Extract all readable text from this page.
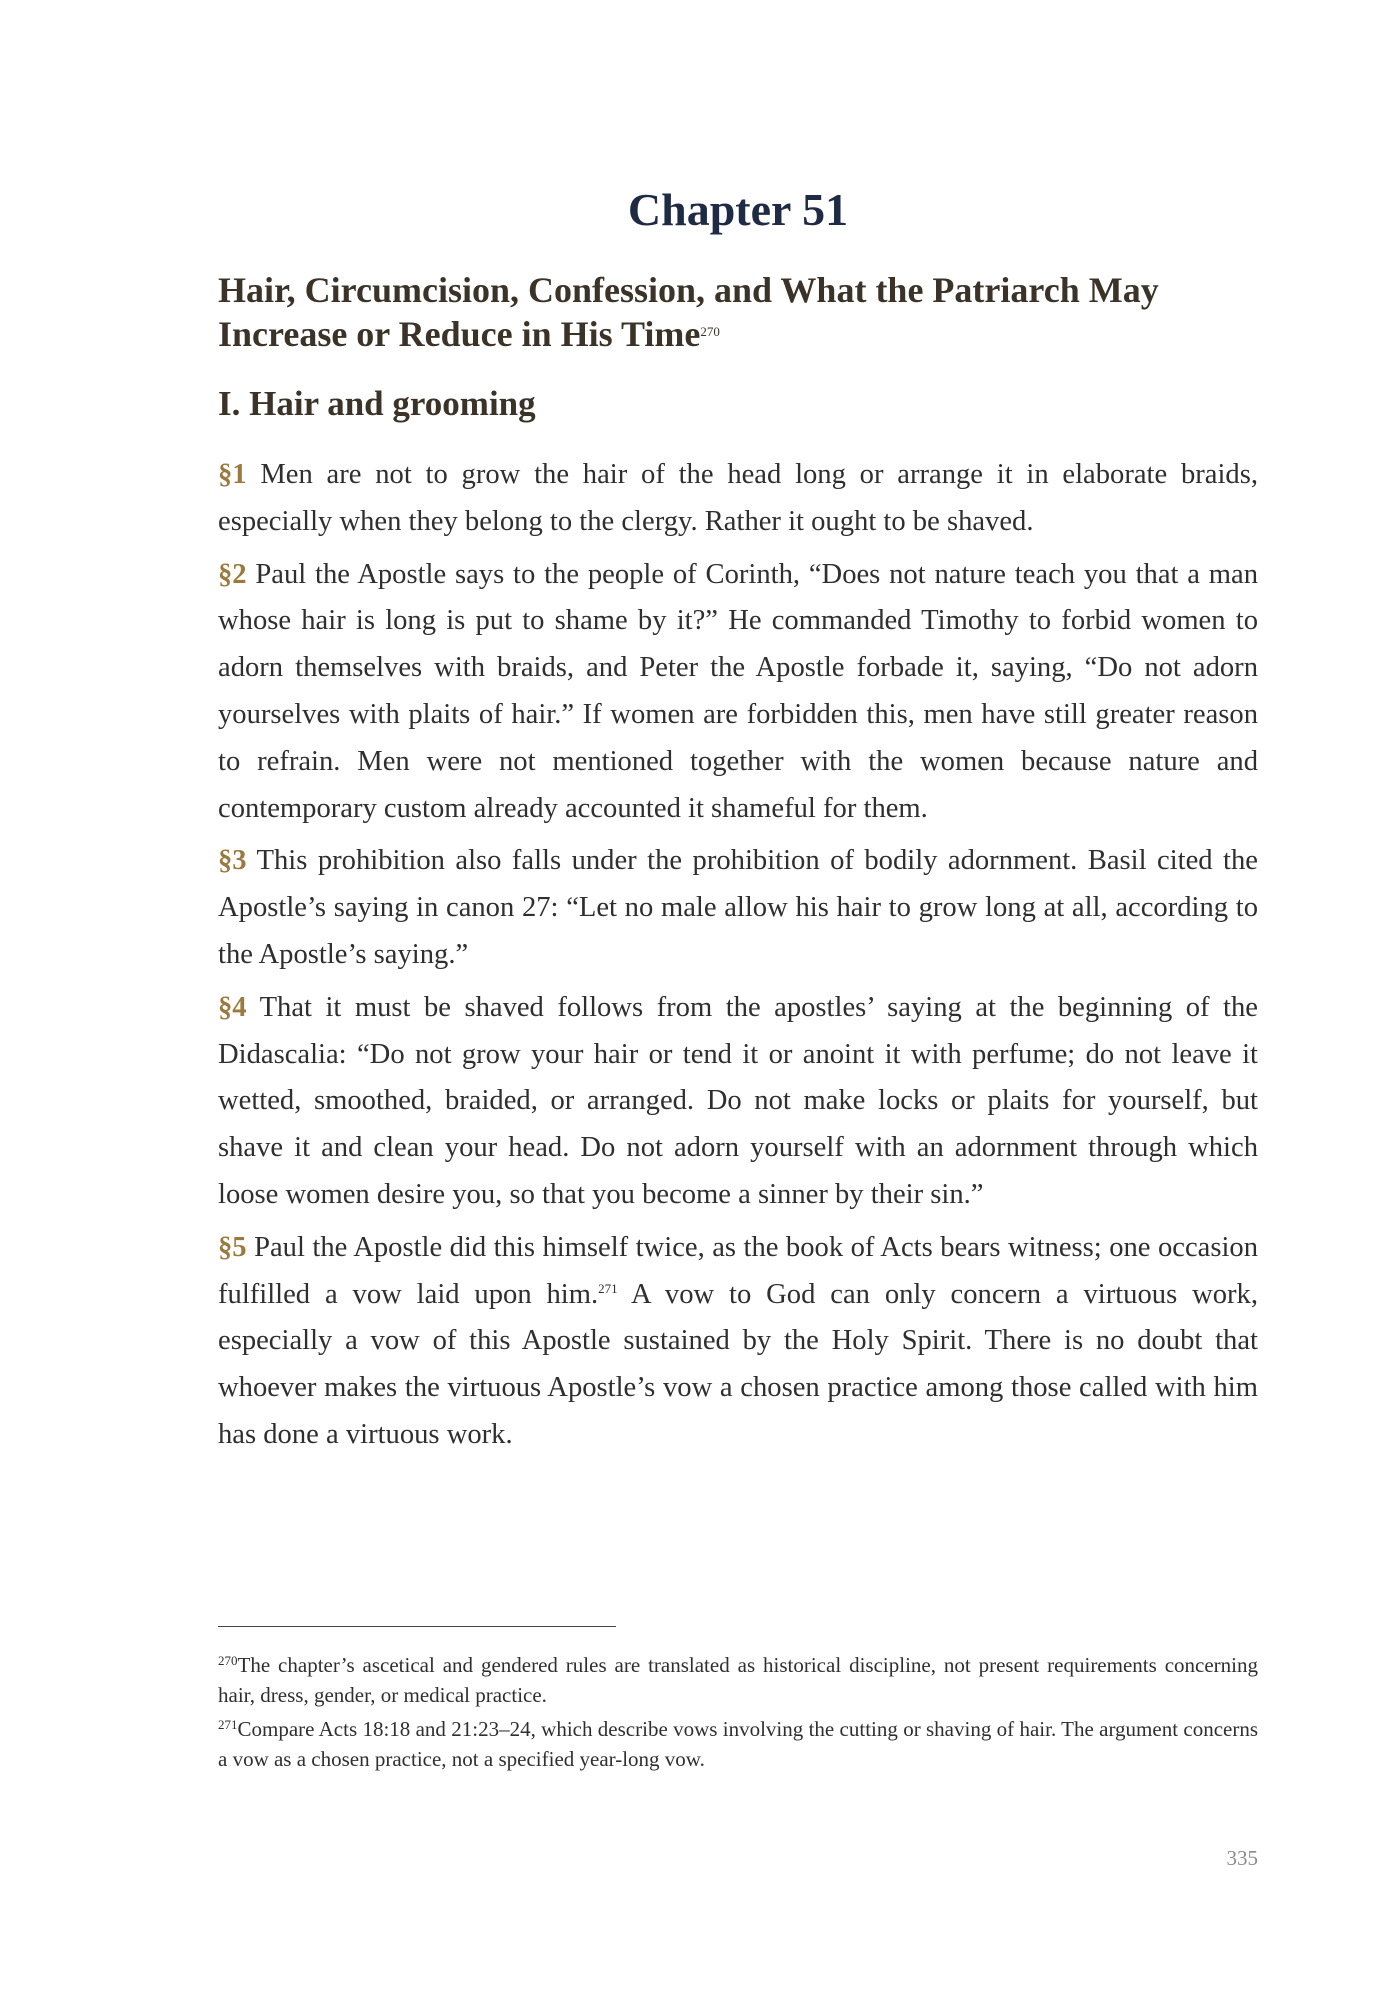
Chapter 51
Hair, Circumcision, Confession, and What the Patriarch May Increase or Reduce in His Time$^{270}$
I. Hair and grooming

§1 Men are not to grow the hair of the head long or arrange it in elaborate braids, especially when they belong to the clergy. Rather it ought to be shaved.

§2 Paul the Apostle says to the people of Corinth, “Does not nature teach you that a man whose hair is long is put to shame by it?” He commanded Timothy to forbid women to adorn themselves with braids, and Peter the Apostle forbade it, saying, “Do not adorn yourselves with plaits of hair.” If women are forbidden this, men have still greater reason to refrain. Men were not mentioned together with the women because nature and contemporary custom already accounted it shameful for them.

§3 This prohibition also falls under the prohibition of bodily adornment. Basil cited the Apostle’s saying in canon 27: “Let no male allow his hair to grow long at all, according to the Apostle’s saying.”

§4 That it must be shaved follows from the apostles’ saying at the beginning of the Didascalia: “Do not grow your hair or tend it or anoint it with perfume; do not leave it wetted, smoothed, braided, or arranged. Do not make locks or plaits for yourself, but shave it and clean your head. Do not adorn yourself with an adornment through which loose women desire you, so that you become a sinner by their sin.”

§5 Paul the Apostle did this himself twice, as the book of Acts bears witness; one occasion fulfilled a vow laid upon him.$^{271}$ A vow to God can only concern a virtuous work, especially a vow of this Apostle sustained by the Holy Spirit. There is no doubt that whoever makes the virtuous Apostle’s vow a chosen practice among those called with him has done a virtuous work.

$^{270}$The chapter’s ascetical and gendered rules are translated as historical discipline, not present requirements concerning hair, dress, gender, or medical practice.

$^{271}$Compare Acts 18:18 and 21:23–24, which describe vows involving the cutting or shaving of hair. The argument concerns a vow as a chosen practice, not a specified year-long vow.

335
